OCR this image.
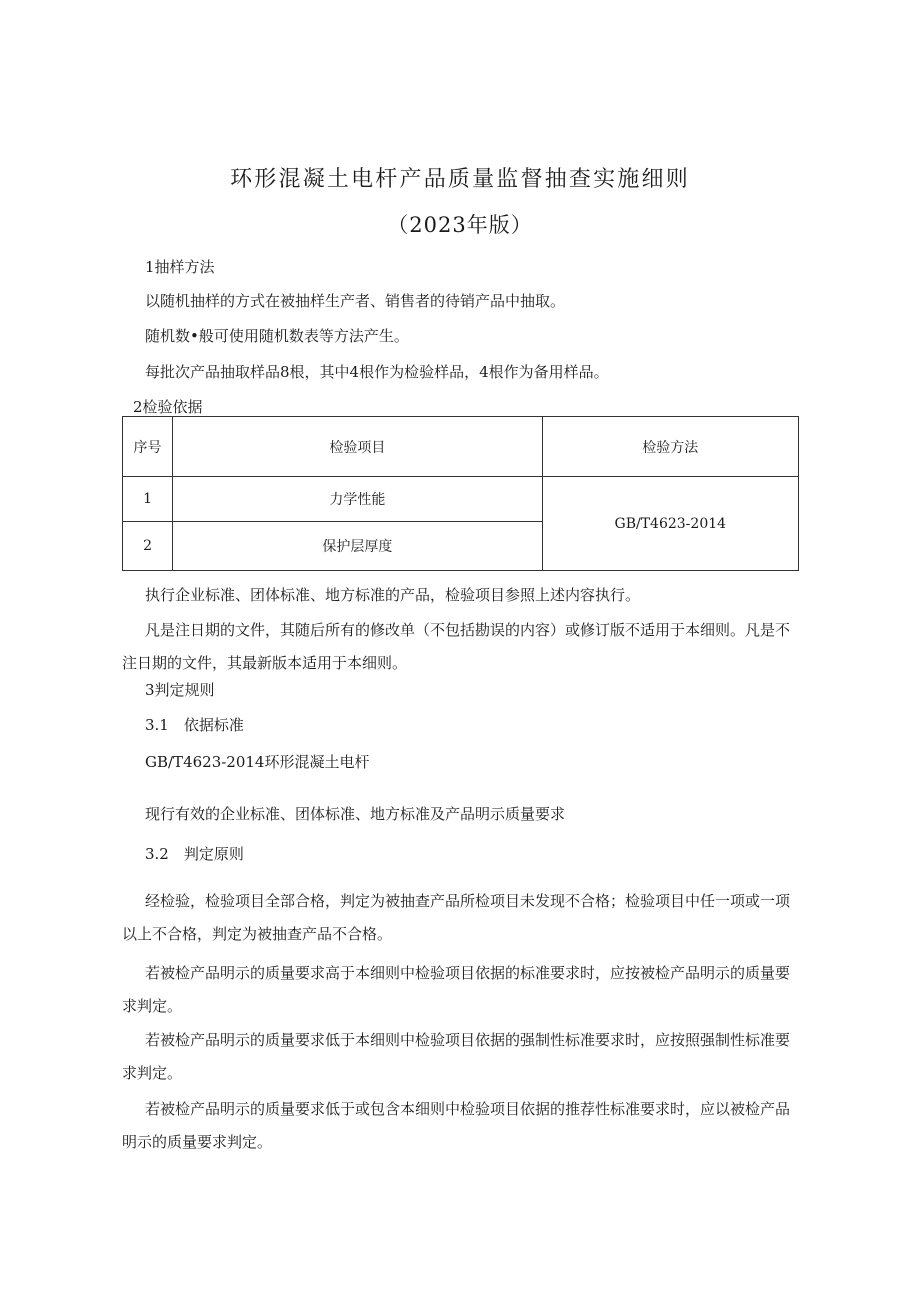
环形混凝土电杆产品质量监督抽查实施细则
（2023年版）
1抽样方法
以随机抽样的方式在被抽样生产者、销售者的待销产品中抽取。
随机数•般可使用随机数表等方法产生。
每批次产品抽取样品8根，其中4根作为检验样品，4根作为备用样品。
2检验依据
序号	检验项目	检验方法
1	力学性能	GB/T4623-2014
2	保护层厚度	
执行企业标准、团体标准、地方标准的产品，检验项目参照上述内容执行。
凡是注日期的文件，其随后所有的修改单（不包括勘误的内容）或修订版不适用于本细则。凡是不注日期的文件，其最新版本适用于本细则。
3判定规则
3.1　依据标准
GB/T4623-2014环形混凝土电杆
现行有效的企业标准、团体标准、地方标准及产品明示质量要求
3.2　判定原则
经检验，检验项目全部合格，判定为被抽查产品所检项目未发现不合格；检验项目中任一项或一项以上不合格，判定为被抽查产品不合格。
若被检产品明示的质量要求高于本细则中检验项目依据的标准要求时，应按被检产品明示的质量要求判定。
若被检产品明示的质量要求低于本细则中检验项目依据的强制性标准要求时，应按照强制性标准要求判定。
若被检产品明示的质量要求低于或包含本细则中检验项目依据的推荐性标准要求时，应以被检产品明示的质量要求判定。
